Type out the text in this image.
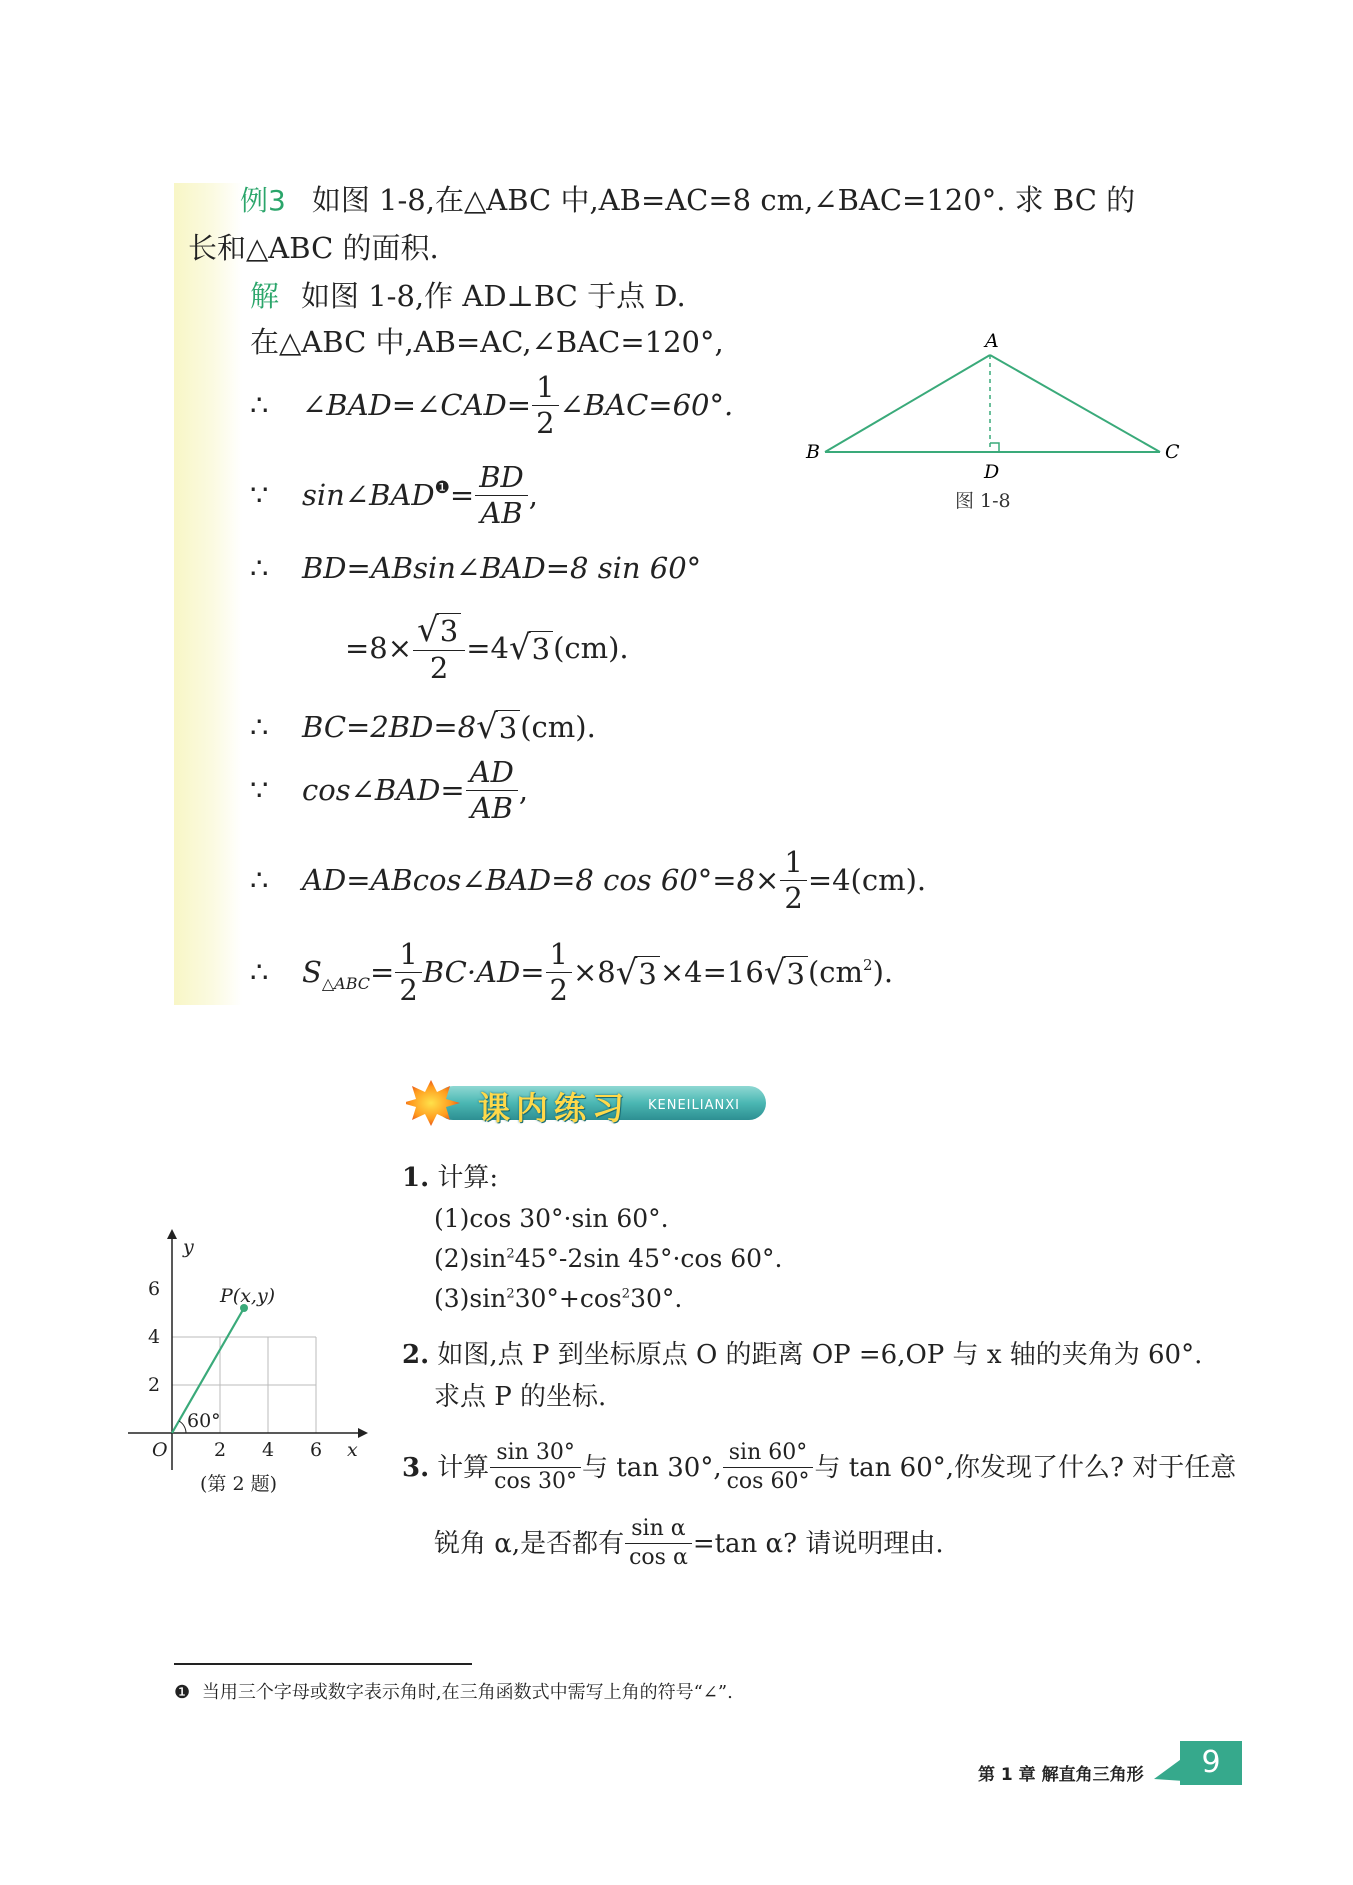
例3 如图 1-8,在△ABC 中,AB=AC=8 cm,∠BAC=120°. 求 BC 的
长和△ABC 的面积.
解 如图 1-8,作 AD⊥BC 于点 D.
在△ABC 中,AB=AC,∠BAC=120°,
∴	∠BAD=∠CAD= $\frac{1}{2}$ ∠BAC=60°.
∵	$\sin\angle BAD^❶ = \frac{BD}{AB}$ ,
∴	BD=ABsin∠BAD=8 sin 60°
$=8\times \frac{√3}{2} =4$ √3 (cm).
∴	BC=2BD=8 √3 (cm).
∵	cos∠BAD= $\frac{AD}{AB}$ ,
∴	AD=ABcos∠BAD=8 $\cos 60^\circ=8\times \frac{1}{2} =4(cm)$.
∴	$S_{\triangle ABC} = \frac{1}{2} BC\cdot AD= \frac{1}{2} \times 8$ √3 ×4=16 √3 ($cm^2$ ).
A
B	C
D
图 1-8
课内练习 KENEILIANXI
1. 计算:
(1)cos 30°·sin 60°.
$(2)\sin^245^\circ-2\sin$ 45°·cos 60°.
$(3)\sin^230^\circ+\cos^230^\circ$.
2. 如图,点 P 到坐标原点 O 的距离 OP =6,OP 与 x 轴的夹角为 60°.
求点 P 的坐标.
3. 计算 $\frac{\sin 30^\circ}{\cos 30^\circ}$ 与 tan 30°, $\frac{\sin 60^\circ}{\cos 60^\circ}$ 与 tan 60°,你发现了什么? 对于任意
锐角 α,是否都有 $\frac{\text{sin α}}{\text{cos α}} =\tan$ α? 请说明理由.
60°
P(x,y)
O	x
y
2 4 6
2
4
6
(第 2 题)
❶ 当用三个字母或数字表示角时,在三角函数式中需写上角的符号“∠”.
第 1 章 解直角三角形	9
